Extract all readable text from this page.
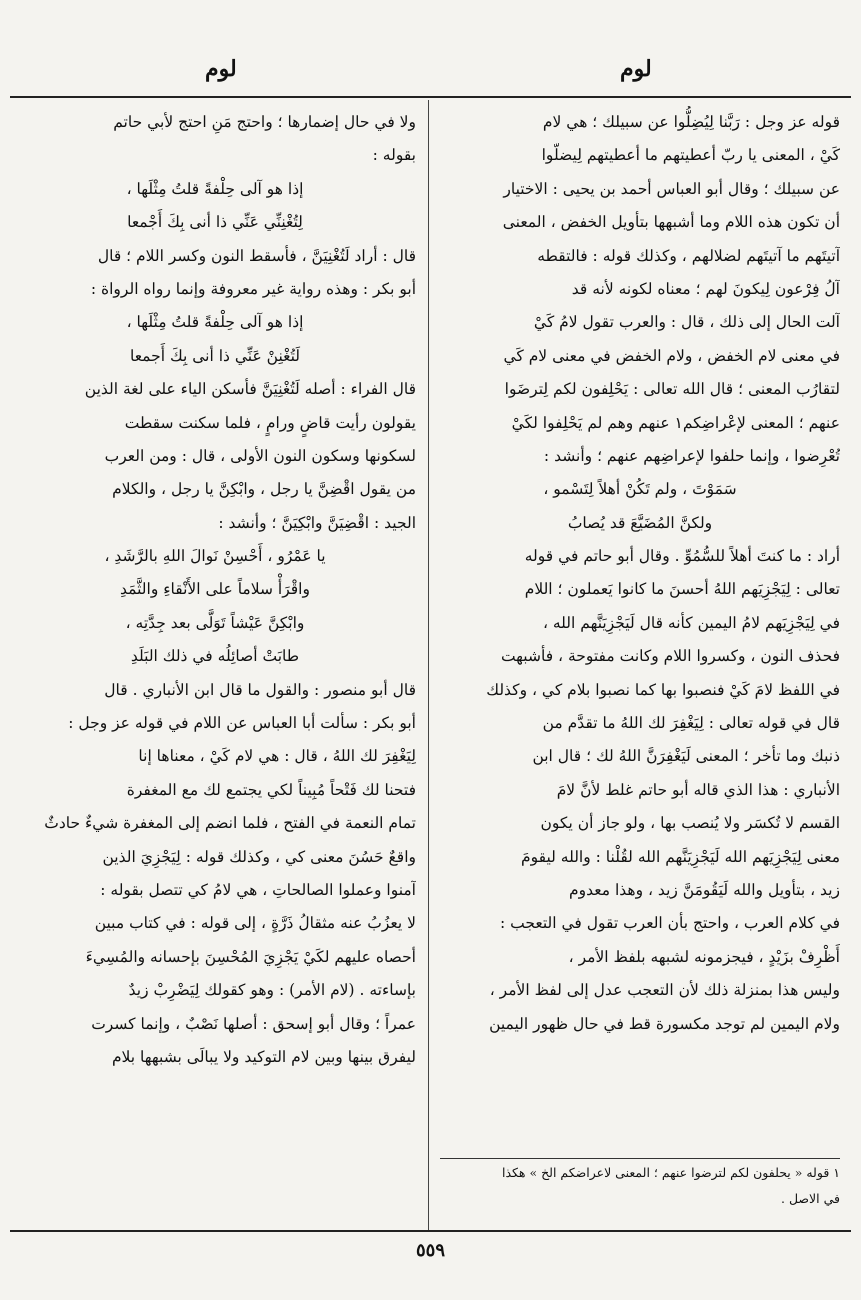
لوم
لوم
قوله عز وجل : رَبَّنا لِيُضِلُّوا عن سبيلك ؛ هي لام
كَيْ ، المعنى يا ربّ أعطيتهم ما أعطيتهم لِيضلّوا
عن سبيلك ؛ وقال أبو العباس أحمد بن يحيى : الاختيار
أن تكون هذه اللام وما أشبهها بتأويل الخفض ، المعنى
آتيتَهم ما آتيتَهم لضلالهم ، وكذلك قوله : فالتقطه
آلُ فِرْعون لِيكونَ لهم ؛ معناه لكونه لأنه قد
آلت الحال إلى ذلك ، قال : والعرب تقول لامُ كَيْ
في معنى لام الخفض ، ولام الخفض في معنى لام كَي
لتقارُب المعنى ؛ قال الله تعالى : يَحْلِفون لكم لِترضَوا
عنهم ؛ المعنى لإعْراضِكم١ عنهم وهم لم يَحْلِفوا لكَيْ
تُعْرِضوا ، وإنما حلفوا لإعراضِهم عنهم ؛ وأنشد :
سَمَوْتَ ، ولم تَكُنْ أهلاً لِتَسْمو ،
ولكنَّ المُضَيَّعَ قد يُصابُ
أراد : ما كنتَ أهلاً للسُّمُوِّ . وقال أبو حاتم في قوله
تعالى : لِيَجْزِيَهم اللهُ أحسنَ ما كانوا يَعملون ؛ اللام
في لِيَجْزِيَهم لامُ اليمين كأنه قال لَيَجْزِيَنَّهم الله ،
فحذف النون ، وكسروا اللام وكانت مفتوحة ، فأشبهت
في اللفظ لامَ كَيْ فنصبوا بها كما نصبوا بلام كي ، وكذلك
قال في قوله تعالى : لِيَغْفِرَ لك اللهُ ما تقدَّم من
ذنبك وما تأخر ؛ المعنى لَيَغْفِرَنَّ اللهُ لك ؛ قال ابن
الأنباري : هذا الذي قاله أبو حاتم غلط لأنَّ لامَ
القسم لا تُكسَر ولا يُنصب بها ، ولو جاز أن يكون
معنى لِيَجْزِيَهم الله لَيَجْزِيَنَّهم الله لقُلْنا : والله ليقومَ
زيد ، بتأويل والله لَيَقُومَنَّ زيد ، وهذا معدوم
في كلام العرب ، واحتج بأن العرب تقول في التعجب :
أَظْرِفْ بزَيْدٍ ، فيجزمونه لشبهه بلفظ الأمر ،
وليس هذا بمنزلة ذلك لأن التعجب عدل إلى لفظ الأمر ،
ولام اليمين لم توجد مكسورة قط في حال ظهور اليمين
١ قوله « يحلفون لكم لترضوا عنهم ؛ المعنى لاعراضكم الخ » هكذا
في الاصل .
ولا في حال إضمارها ؛ واحتج مَنِ احتج لأبي حاتم
بقوله :
إذا هو آلى حِلْفةً قلتُ مِثْلَها ،
لِتُغْنِنِّي عَنِّي ذا أنى بِكَ أَجْمعا
قال : أراد لَتُغْنِيَنَّ ، فأسقط النون وكسر اللام ؛ قال
أبو بكر : وهذه رواية غير معروفة وإنما رواه الرواة :
إذا هو آلى حِلْفةً قلتُ مِثْلَها ،
لَتُغْنِنْ عَنِّي ذا أنى بِكَ أَجمعا
قال الفراء : أصله لَتُغْنِيَنَّ فأسكن الياء على لغة الذين
يقولون رأيت قاضٍ ورامٍ ، فلما سكنت سقطت
لسكونها وسكون النون الأولى ، قال : ومن العرب
من يقول اقْضِنَّ يا رجل ، وابْكِنَّ يا رجل ، والكلام
الجيد : اقْضِيَنَّ وابْكِيَنَّ ؛ وأنشد :
يا عَمْرُو ، أَحْسِنْ نَوالَ اللهِ بالرَّشَدِ ،
واقْرَأْ سلاماً على الأَنْقاءِ والثَّمَدِ
وابْكِنَّ عَيْشاً تَوَلَّى بعد جِدَّتِه ،
طابَتْ أصائِلُه في ذلك البَلَدِ
قال أبو منصور : والقول ما قال ابن الأنباري . قال
أبو بكر : سألت أبا العباس عن اللام في قوله عز وجل :
لِيَغْفِرَ لك اللهُ ، قال : هي لام كَيْ ، معناها إنا
فتحنا لك فَتْحاً مُبِيناً لكي يجتمع لك مع المغفرة
تمام النعمة في الفتح ، فلما انضم إلى المغفرة شيءٌ حادثٌ
واقعٌ حَسُنَ معنى كي ، وكذلك قوله : لِيَجْزِيَ الذين
آمنوا وعملوا الصالحاتِ ، هي لامُ كي تتصل بقوله :
لا يعزُبُ عنه مثقالُ ذَرَّةٍ ، إلى قوله : في كتاب مبين
أحصاه عليهم لكَيْ يَجْزِيَ المُحْسِنَ بإحسانه والمُسِيءَ
بإساءته . (لام الأمر) : وهو كقولك لِيَضْرِبْ زيدٌ
عمراً ؛ وقال أبو إسحق : أصلها نَصْبٌ ، وإنما كسرت
ليفرق بينها وبين لام التوكيد ولا يبالَى بشبهها بلام
٥٥٩
